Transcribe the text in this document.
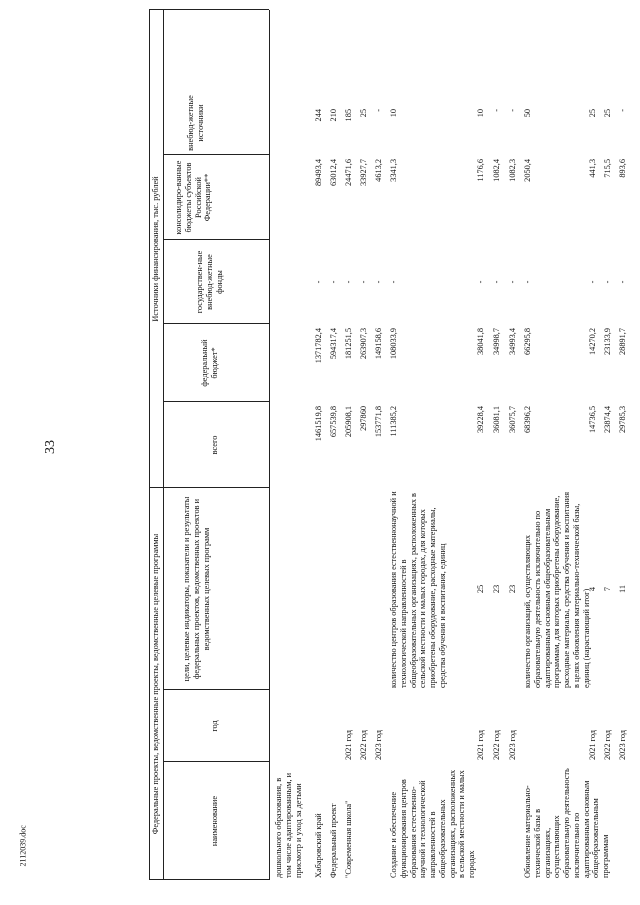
33
2112039.doc
Федеральные проекты, ведомственные проекты, ведомственные целевые программы
Источники финансирования, тыс. рублей
наименование
год
цели, целевые индикаторы, показатели и результаты федеральных проектов, ведомственных проектов и ведомственных целевых программ
всего
федеральный бюджет*
государствен-ные внебюд-жетные фонды
консолидиро-ванные бюджеты субъектов Российской Федерации**
внебюд-жетные источники
дошкольного образования, в том числе адаптированным, и присмотр и уход за детьми Хабаровский край
1461519,8
1371782,4
-
89493,4
244
Федеральный проект
657539,8
594317,4
-
63012,4
210
"Современная школа"
2021 год
205908,1
181251,5
-
24471,6
185
2022 год
297860
263907,3
-
33927,7
25
2023 год
153771,8
149158,6
-
4613,2
-
Создание и обеспечение функционирования центров образования естественно-научной и технологической направленностей в общеобразовательных организациях, расположенных в сельской местности и малых городах
количество центров образования естественнонаучной и технологической направленностей в общеобразовательных организациях, расположенных в сельской местности и малых городах, для которых приобретены оборудование, расходные материалы, средства обучения и воспитания, единиц
111385,2
108033,9
-
3341,3
10
2021 год
25
39228,4
38041,8
-
1176,6
10
2022 год
23
36081,1
34998,7
-
1082,4
-
2023 год
23
36075,7
34993,4
-
1082,3
-
Обновление материально-технической базы в организациях, осуществляющих образовательную деятельность исключительно по адаптированным основным общеобразовательным программам
количество организаций, осуществляющих образовательную деятельность исключительно по адаптированным основным общеобразовательным программам, для которых приобретены оборудование, расходные материалы, средства обучения и воспитания в целях обновления материально-технической базы, единиц (нарастающий итог)
68396,2
66295,8
-
2050,4
50
2021 год
4
14736,5
14270,2
-
441,3
25
2022 год
7
23874,4
23133,9
-
715,5
25
2023 год
11
29785,3
28891,7
-
893,6
-
